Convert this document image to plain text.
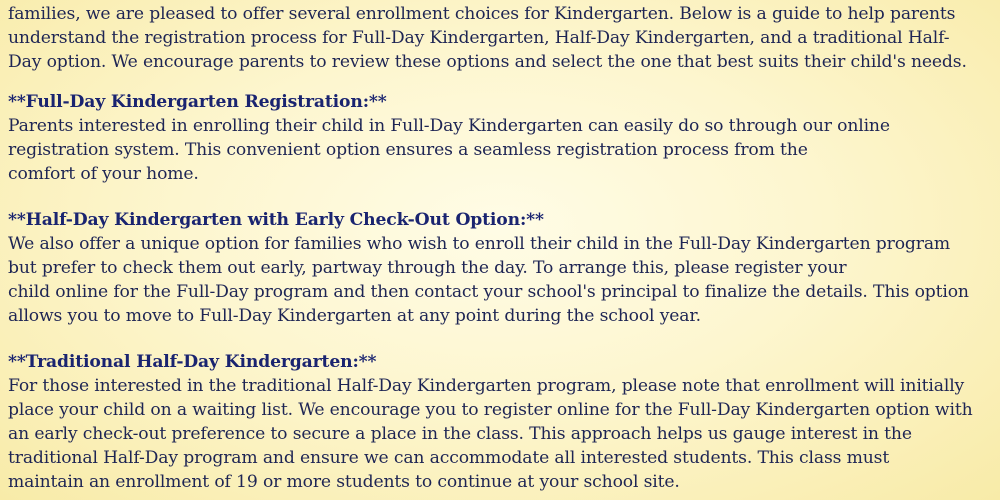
families, we are pleased to offer several enrollment choices for Kindergarten. Below is a guide to help parents
understand the registration process for Full-Day Kindergarten, Half-Day Kindergarten, and a traditional Half-
Day option. We encourage parents to review these options and select the one that best suits their child's needs.
**Full-Day Kindergarten Registration:**
Parents interested in enrolling their child in Full-Day Kindergarten can easily do so through our online
registration system. This convenient option ensures a seamless registration process from the
comfort of your home.
**Half-Day Kindergarten with Early Check-Out Option:**
We also offer a unique option for families who wish to enroll their child in the Full-Day Kindergarten program
but prefer to check them out early, partway through the day. To arrange this, please register your
child online for the Full-Day program and then contact your school's principal to finalize the details. This option
allows you to move to Full-Day Kindergarten at any point during the school year.
**Traditional Half-Day Kindergarten:**
For those interested in the traditional Half-Day Kindergarten program, please note that enrollment will initially
place your child on a waiting list. We encourage you to register online for the Full-Day Kindergarten option with
an early check-out preference to secure a place in the class. This approach helps us gauge interest in the
traditional Half-Day program and ensure we can accommodate all interested students. This class must
maintain an enrollment of 19 or more students to continue at your school site.
